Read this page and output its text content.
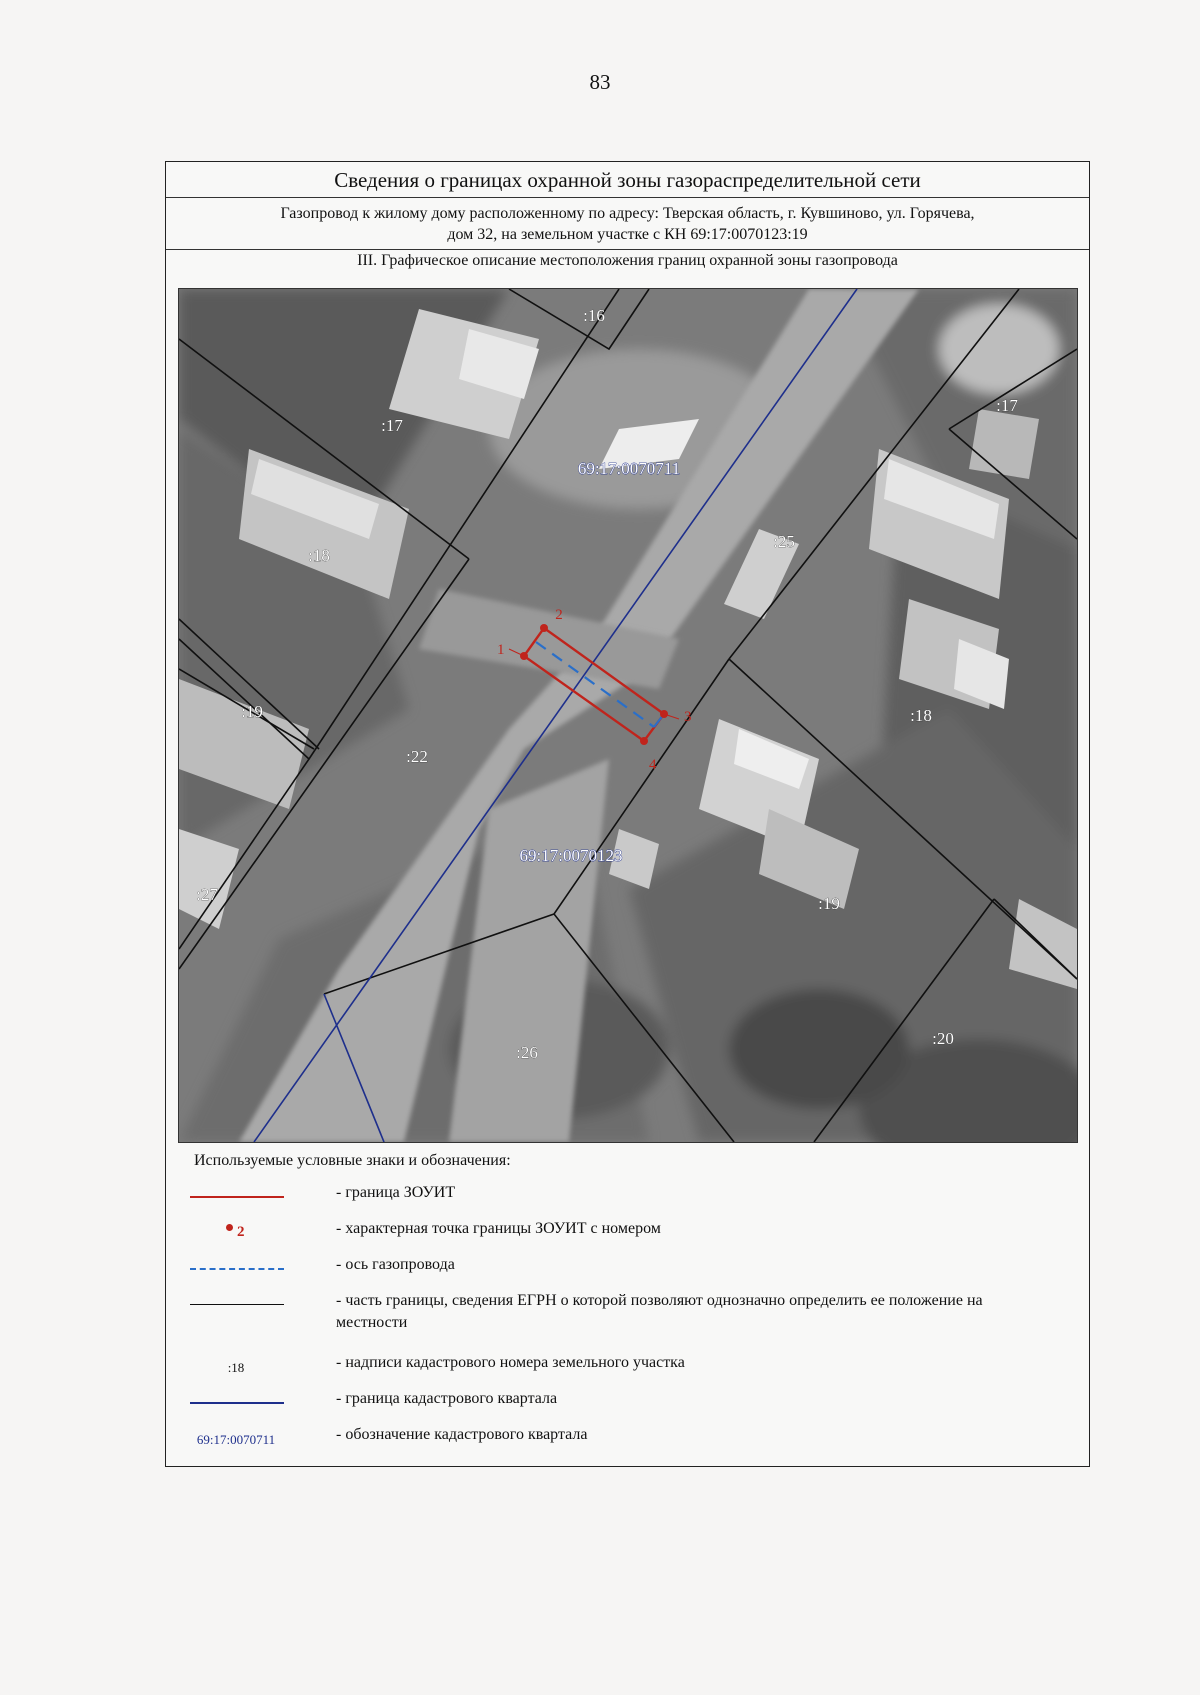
83
Сведения о границах охранной зоны газораспределительной сети
Газопровод к жилому дому расположенному по адресу: Тверская область, г. Кувшиново, ул. Горячева,
дом 32, на земельном участке с КН 69:17:0070123:19
III. Графическое описание местоположения границ охранной зоны газопровода
1
2
3
4
:16
:17
:17
:18
:18
:19
:19
:20
:22
:25
:26
:27
69:17:0070711
69:17:0070123
Используемые условные знаки и обозначения:
- граница ЗОУИТ
2	- характерная точка границы ЗОУИТ с номером
- ось газопровода
- часть границы, сведения ЕГРН о которой позволяют однозначно определить ее положение на местности
:18	- надписи кадастрового номера земельного участка
- граница кадастрового квартала
69:17:0070711	- обозначение кадастрового квартала
